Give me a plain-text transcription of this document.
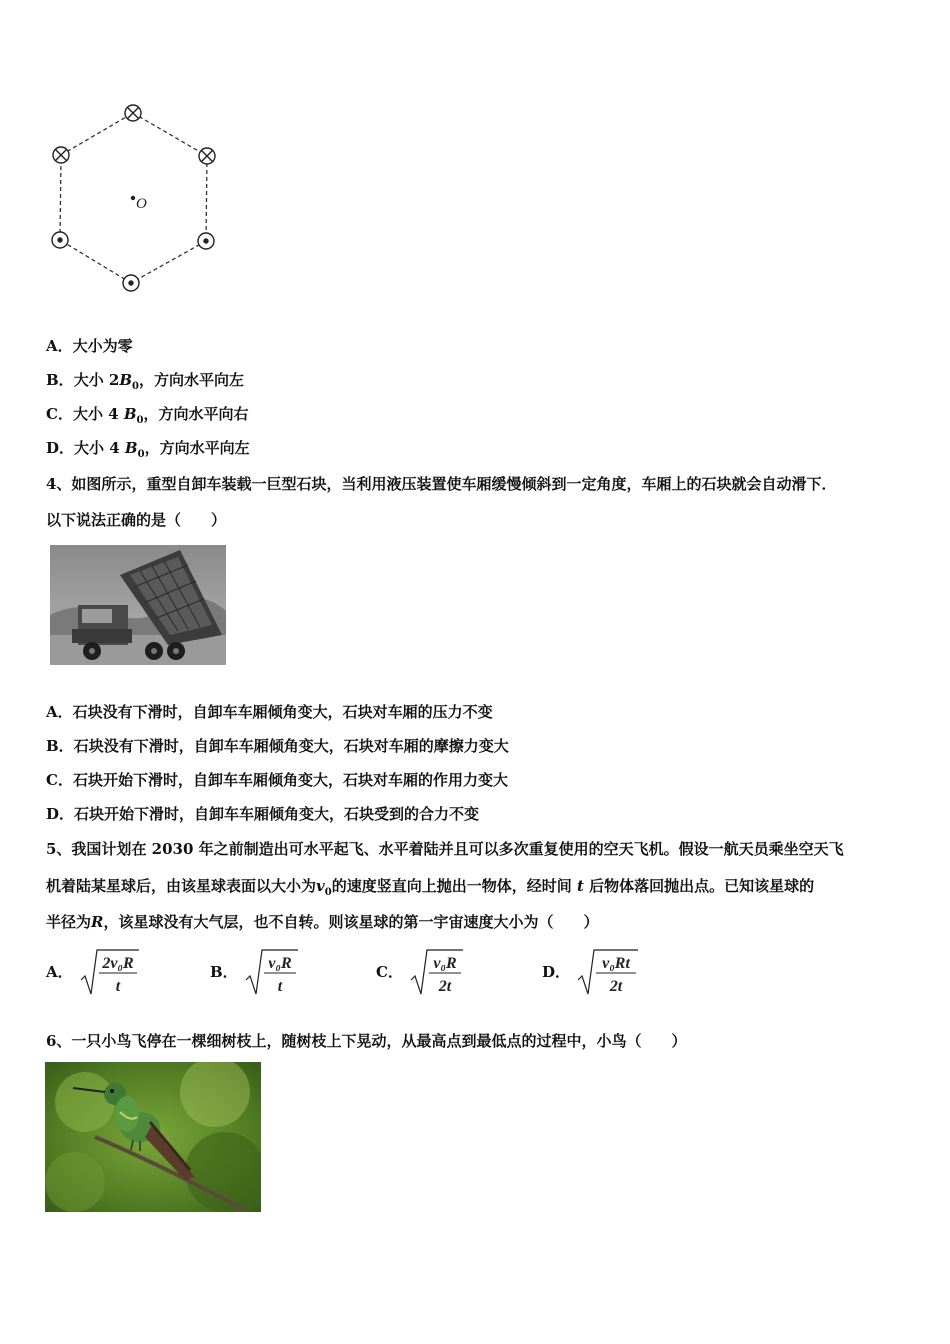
O
A．大小为零
B．大小 $2B_0$，方向水平向左
C．大小 4 $B_0$，方向水平向右
D．大小 4 $B_0$，方向水平向左
4、如图所示，重型自卸车装载一巨型石块，当利用液压装置使车厢缓慢倾斜到一定角度，车厢上的石块就会自动滑下．
以下说法正确的是（　　）
A．石块没有下滑时，自卸车车厢倾角变大，石块对车厢的压力不变
B．石块没有下滑时，自卸车车厢倾角变大，石块对车厢的摩擦力变大
C．石块开始下滑时，自卸车车厢倾角变大，石块对车厢的作用力变大
D．石块开始下滑时，自卸车车厢倾角变大，石块受到的合力不变
5、我国计划在 2030 年之前制造出可水平起飞、水平着陆并且可以多次重复使用的空天飞机。假设一航天员乘坐空天飞
机着陆某星球后，由该星球表面以大小为$v_0$的速度竖直向上抛出一物体，经时间 t 后物体落回抛出点。已知该星球的
半径为R，该星球没有大气层，也不自转。则该星球的第一宇宙速度大小为（　　）
A． 2v₀R
t
B． v₀R
t
C． v₀R
2t
D． v₀Rt
2t
6、一只小鸟飞停在一棵细树枝上，随树枝上下晃动，从最高点到最低点的过程中，小鸟（　　）
